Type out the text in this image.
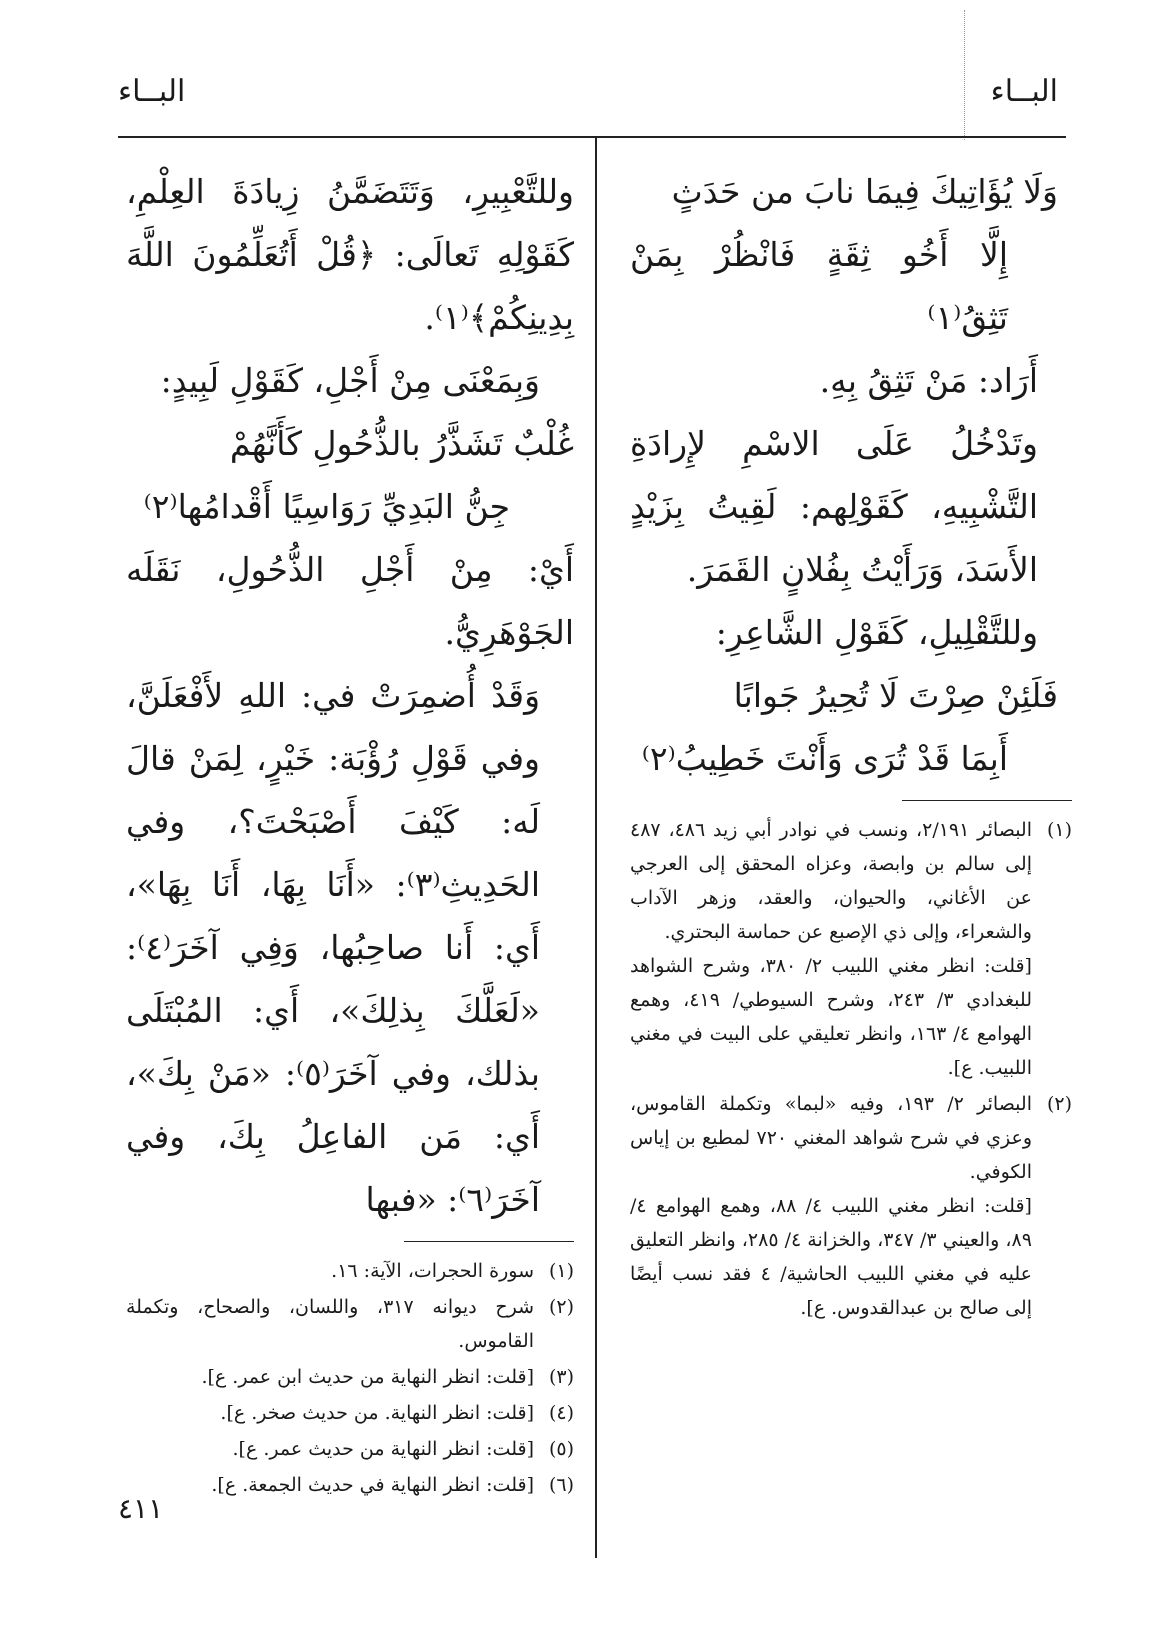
البــاء
البــاء

وَلَا يُؤَاتِيكَ فِيمَا نابَ من حَدَثٍ

إِلَّا أَخُو ثِقَةٍ فَانْظُرْ بِمَنْ تَثِقُ⁽١⁾

أَرَاد: مَنْ تَثِقُ بِهِ.

وتَدْخُلُ عَلَى الاسْمِ لإِرادَةِ التَّشْبِيهِ، كَقَوْلِهم: لَقِيتُ بِزَيْدٍ الأَسَدَ، وَرَأَيْتُ بِفُلانٍ القَمَرَ.

وللتَّقْلِيلِ، كَقَوْلِ الشَّاعِرِ:

فَلَئِنْ صِرْتَ لَا تُحِيرُ جَوابًا

أَبِمَا قَدْ تُرَى وَأَنْتَ خَطِيبُ⁽٢⁾

(١)
البصائر ٢/١٩١، ونسب في نوادر أبي زيد ٤٨٦، ٤٨٧ إلى سالم بن وابصة، وعزاه المحقق إلى العرجي عن الأغاني، والحيوان، والعقد، وزهر الآداب والشعراء، وإلى ذي الإصبع عن حماسة البحتري.
[قلت: انظر مغني اللبيب ٢/ ٣٨٠، وشرح الشواهد للبغدادي ٣/ ٢٤٣، وشرح السيوطي/ ٤١٩، وهمع الهوامع ٤/ ١٦٣، وانظر تعليقي على البيت في مغني اللبيب. ع].
(٢)
البصائر ٢/ ١٩٣، وفيه «لبما» وتكملة القاموس، وعزي في شرح شواهد المغني ٧٢٠ لمطيع بن إياس الكوفي.
[قلت: انظر مغني اللبيب ٤/ ٨٨، وهمع الهوامع ٤/ ٨٩، والعيني ٣/ ٣٤٧، والخزانة ٤/ ٢٨٥، وانظر التعليق عليه في مغني اللبيب الحاشية/ ٤ فقد نسب أيضًا إلى صالح بن عبدالقدوس. ع].

وللتَّعْبِيرِ، وَتَتَضَمَّنُ زِيادَةَ العِلْمِ، كَقَوْلِهِ تَعالَى: ﴿قُلْ أَتُعَلِّمُونَ اللَّهَ بِدِينِكُمْ﴾⁽١⁾.

وَبِمَعْنَى مِنْ أَجْلِ، كَقَوْلِ لَبِيدٍ:

غُلْبٌ تَشَذَّرُ بالذُّحُولِ كَأَنَّهُمْ

جِنُّ البَدِيِّ رَوَاسِيًا أَقْدامُها⁽٢⁾

أَيْ: مِنْ أَجْلِ الذُّحُولِ، نَقَلَه الجَوْهَرِيُّ.

وَقَدْ أُضمِرَتْ في: اللهِ لأَفْعَلَنَّ، وفي قَوْلِ رُؤْبَة: خَيْرٍ، لِمَنْ قالَ لَه: كَيْفَ أَصْبَحْتَ؟، وفي الحَدِيثِ⁽٣⁾: «أَنَا بِهَا، أَنَا بِهَا»، أَي: أَنا صاحِبُها، وَفِي آخَرَ⁽٤⁾: «لَعَلَّكَ بِذلِكَ»، أَي: المُبْتَلَى بذلك، وفي آخَرَ⁽٥⁾: «مَنْ بِكَ»، أَي: مَن الفاعِلُ بِكَ، وفي آخَرَ⁽٦⁾: «فبها

(١)
سورة الحجرات، الآية: ١٦.
(٢)
شرح ديوانه ٣١٧، واللسان، والصحاح، وتكملة القاموس.
(٣)
[قلت: انظر النهاية من حديث ابن عمر. ع].
(٤)
[قلت: انظر النهاية. من حديث صخر. ع].
(٥)
[قلت: انظر النهاية من حديث عمر. ع].
(٦)
[قلت: انظر النهاية في حديث الجمعة. ع].
٤١١
